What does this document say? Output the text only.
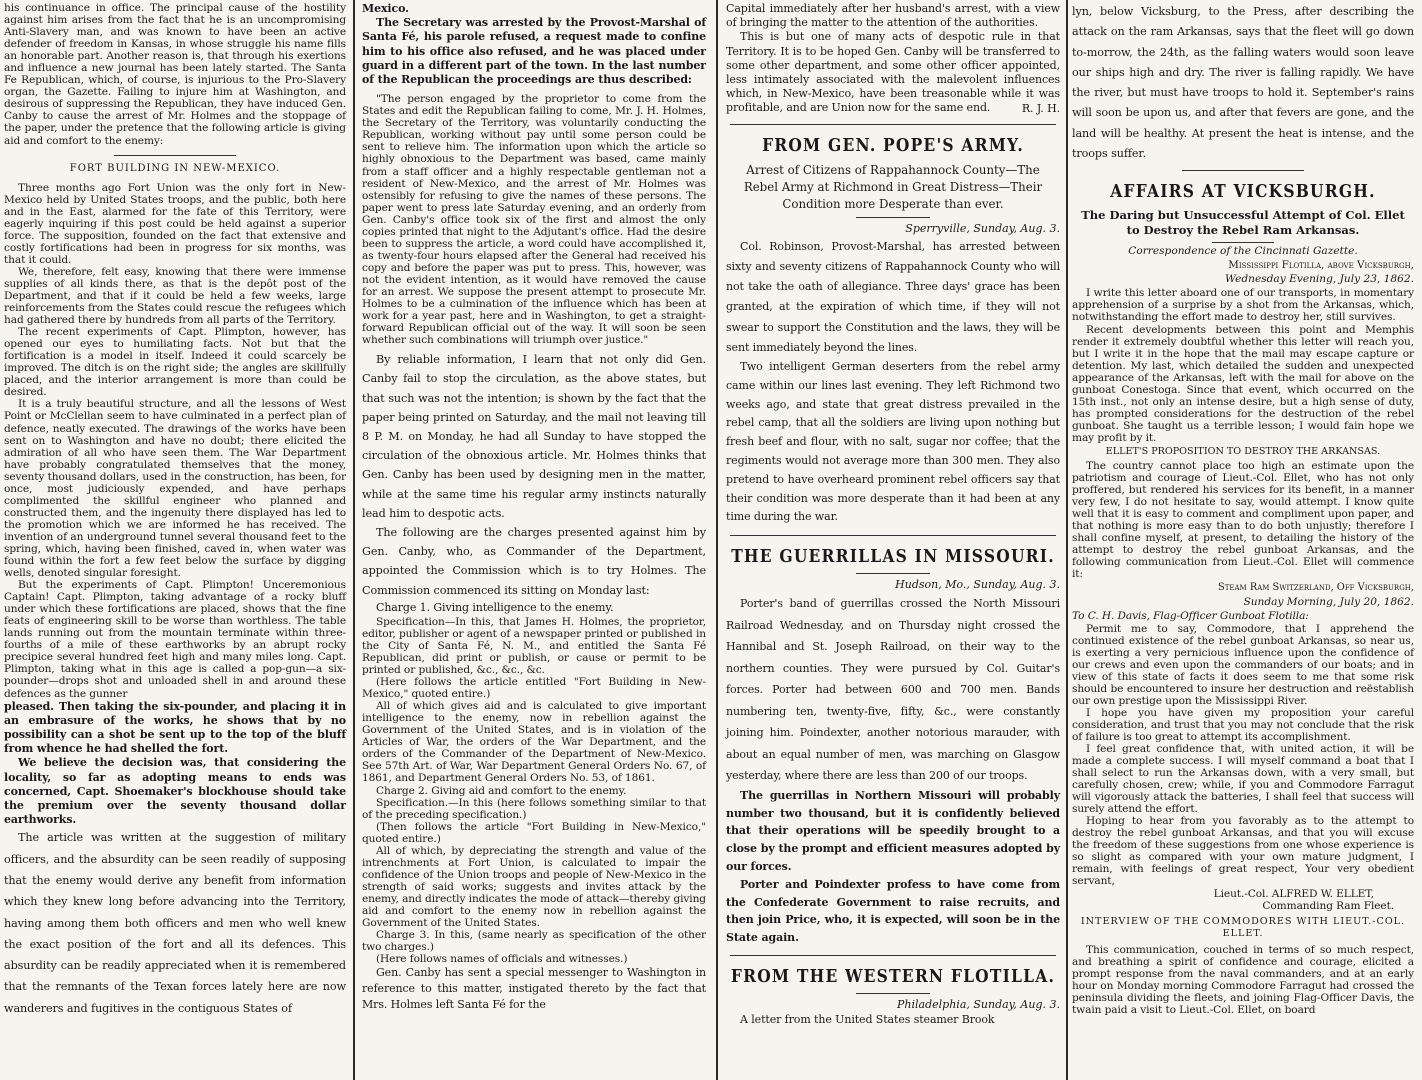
his continuance in office. The principal cause of the hostility against him arises from the fact that he is an uncompromising Anti-Slavery man, and was known to have been an active defender of freedom in Kansas, in whose struggle his name fills an honorable part. Another reason is, that through his exertions and influence a new journal has been lately started. The Santa Fe Republican, which, of course, is injurious to the Pro-Slavery organ, the Gazette. Failing to injure him at Washington, and desirous of suppressing the Republican, they have induced Gen. Canby to cause the arrest of Mr. Holmes and the stoppage of the paper, under the pretence that the following article is giving aid and comfort to the enemy:

FORT BUILDING IN NEW-MEXICO.

Three months ago Fort Union was the only fort in New-Mexico held by United States troops, and the public, both here and in the East, alarmed for the fate of this Territory, were eagerly inquiring if this post could be held against a superior force. The supposition, founded on the fact that extensive and costly fortifications had been in progress for six months, was that it could.

We, therefore, felt easy, knowing that there were immense supplies of all kinds there, as that is the depôt post of the Department, and that if it could be held a few weeks, large reinforcements from the States could rescue the refugees which had gathered there by hundreds from all parts of the Territory.

The recent experiments of Capt. Plimpton, however, has opened our eyes to humiliating facts. Not but that the fortification is a model in itself. Indeed it could scarcely be improved. The ditch is on the right side; the angles are skillfully placed, and the interior arrangement is more than could be desired.

It is a truly beautiful structure, and all the lessons of West Point or McClellan seem to have culminated in a perfect plan of defence, neatly executed. The drawings of the works have been sent on to Washington and have no doubt; there elicited the admiration of all who have seen them. The War Department have probably congratulated themselves that the money, seventy thousand dollars, used in the construction, has been, for once, most judiciously expended, and have perhaps complimented the skillful engineer who planned and constructed them, and the ingenuity there displayed has led to the promotion which we are informed he has received. The invention of an underground tunnel several thousand feet to the spring, which, having been finished, caved in, when water was found within the fort a few feet below the surface by digging wells, denoted singular foresight.

But the experiments of Capt. Plimpton! Unceremonious Captain! Capt. Plimpton, taking advantage of a rocky bluff under which these fortifications are placed, shows that the fine feats of engineering skill to be worse than worthless. The table lands running out from the mountain terminate within three-fourths of a mile of these earthworks by an abrupt rocky precipice several hundred feet high and many miles long. Capt. Plimpton, taking what in this age is called a pop-gun—a six-pounder—drops shot and unloaded shell in and around these defences as the gunner

pleased. Then taking the six-pounder, and placing it in an embrasure of the works, he shows that by no possibility can a shot be sent up to the top of the bluff from whence he had shelled the fort.

We believe the decision was, that considering the locality, so far as adopting means to ends was concerned, Capt. Shoemaker's blockhouse should take the premium over the seventy thousand dollar earthworks.

The article was written at the suggestion of military officers, and the absurdity can be seen readily of supposing that the enemy would derive any benefit from information which they knew long before advancing into the Territory, having among them both officers and men who well knew the exact position of the fort and all its defences. This absurdity can be readily appreciated when it is remembered that the remnants of the Texan forces lately here are now wanderers and fugitives in the contiguous States of

Mexico.

The Secretary was arrested by the Provost-Marshal of Santa Fé, his parole refused, a request made to confine him to his office also refused, and he was placed under guard in a different part of the town. In the last number of the Republican the proceedings are thus described:

"The person engaged by the proprietor to come from the States and edit the Republican failing to come, Mr. J. H. Holmes, the Secretary of the Territory, was voluntarily conducting the Republican, working without pay until some person could be sent to relieve him. The information upon which the article so highly obnoxious to the Department was based, came mainly from a staff officer and a highly respectable gentleman not a resident of New-Mexico, and the arrest of Mr. Holmes was ostensibly for refusing to give the names of these persons. The paper went to press late Saturday evening, and an orderly from Gen. Canby's office took six of the first and almost the only copies printed that night to the Adjutant's office. Had the desire been to suppress the article, a word could have accomplished it, as twenty-four hours elapsed after the General had received his copy and before the paper was put to press. This, however, was not the evident intention, as it would have removed the cause for an arrest. We suppose the present attempt to prosecute Mr. Holmes to be a culmination of the influence which has been at work for a year past, here and in Washington, to get a straight-forward Republican official out of the way. It will soon be seen whether such combinations will triumph over justice."

By reliable information, I learn that not only did Gen. Canby fail to stop the circulation, as the above states, but that such was not the intention; is shown by the fact that the paper being printed on Saturday, and the mail not leaving till 8 P. M. on Monday, he had all Sunday to have stopped the circulation of the obnoxious article. Mr. Holmes thinks that Gen. Canby has been used by designing men in the matter, while at the same time his regular army instincts naturally lead him to despotic acts.

The following are the charges presented against him by Gen. Canby, who, as Commander of the Department, appointed the Commission which is to try Holmes. The Commission commenced its sitting on Monday last:

Charge 1. Giving intelligence to the enemy.

Specification—In this, that James H. Holmes, the proprietor, editor, publisher or agent of a newspaper printed or published in the City of Santa Fé, N. M., and entitled the Santa Fé Republican, did print or publish, or cause or permit to be printed or published, &c., &c., &c.

(Here follows the article entitled "Fort Building in New-Mexico," quoted entire.)

All of which gives aid and is calculated to give important intelligence to the enemy, now in rebellion against the Government of the United States, and is in violation of the Articles of War, the orders of the War Department, and the orders of the Commander of the Department of New-Mexico. See 57th Art. of War, War Department General Orders No. 67, of 1861, and Department General Orders No. 53, of 1861.

Charge 2. Giving aid and comfort to the enemy.

Specification.—In this (here follows something similar to that of the preceding specification.)

(Then follows the article "Fort Building in New-Mexico," quoted entire.)

All of which, by depreciating the strength and value of the intrenchments at Fort Union, is calculated to impair the confidence of the Union troops and people of New-Mexico in the strength of said works; suggests and invites attack by the enemy, and directly indicates the mode of attack—thereby giving aid and comfort to the enemy now in rebellion against the Government of the United States.

Charge 3. In this, (same nearly as specification of the other two charges.)

(Here follows names of officials and witnesses.)

Gen. Canby has sent a special messenger to Washington in reference to this matter, instigated thereto by the fact that Mrs. Holmes left Santa Fé for the

Capital immediately after her husband's arrest, with a view of bringing the matter to the attention of the authorities.

This is but one of many acts of despotic rule in that Territory. It is to be hoped Gen. Canby will be transferred to some other department, and some other officer appointed, less intimately associated with the malevolent influences which, in New-Mexico, have been treasonable while it was profitable, and are Union now for the same end.	R. J. H.

FROM GEN. POPE'S ARMY.
Arrest of Citizens of Rappahannock County—The Rebel Army at Richmond in Great Distress—Their Condition more Desperate than ever.
Sperryville, Sunday, Aug. 3.

Col. Robinson, Provost-Marshal, has arrested between sixty and seventy citizens of Rappahannock County who will not take the oath of allegiance. Three days' grace has been granted, at the expiration of which time, if they will not swear to support the Constitution and the laws, they will be sent immediately beyond the lines.

Two intelligent German deserters from the rebel army came within our lines last evening. They left Richmond two weeks ago, and state that great distress prevailed in the rebel camp, that all the soldiers are living upon nothing but fresh beef and flour, with no salt, sugar nor coffee; that the regiments would not average more than 300 men. They also pretend to have overheard prominent rebel officers say that their condition was more desperate than it had been at any time during the war.

THE GUERRILLAS IN MISSOURI.
Hudson, Mo., Sunday, Aug. 3.

Porter's band of guerrillas crossed the North Missouri Railroad Wednesday, and on Thursday night crossed the Hannibal and St. Joseph Railroad, on their way to the northern counties. They were pursued by Col. Guitar's forces. Porter had between 600 and 700 men. Bands numbering ten, twenty-five, fifty, &c., were constantly joining him. Poindexter, another notorious marauder, with about an equal number of men, was marching on Glasgow yesterday, where there are less than 200 of our troops.

The guerrillas in Northern Missouri will probably number two thousand, but it is confidently believed that their operations will be speedily brought to a close by the prompt and efficient measures adopted by our forces.

Porter and Poindexter profess to have come from the Confederate Government to raise recruits, and then join Price, who, it is expected, will soon be in the State again.

FROM THE WESTERN FLOTILLA.
Philadelphia, Sunday, Aug. 3.

A letter from the United States steamer Brook

lyn, below Vicksburg, to the Press, after describing the attack on the ram Arkansas, says that the fleet will go down to-morrow, the 24th, as the falling waters would soon leave our ships high and dry. The river is falling rapidly. We have the river, but must have troops to hold it. September's rains will soon be upon us, and after that fevers are gone, and the land will be healthy. At present the heat is intense, and the troops suffer.

AFFAIRS AT VICKSBURGH.
The Daring but Unsuccessful Attempt of Col. Ellet to Destroy the Rebel Ram Arkansas.
Correspondence of the Cincinnati Gazette.
Mississippi Flotilla, above Vicksburgh,
Wednesday Evening, July 23, 1862.

I write this letter aboard one of our transports, in momentary apprehension of a surprise by a shot from the Arkansas, which, notwithstanding the effort made to destroy her, still survives.

Recent developments between this point and Memphis render it extremely doubtful whether this letter will reach you, but I write it in the hope that the mail may escape capture or detention. My last, which detailed the sudden and unexpected appearance of the Arkansas, left with the mail for above on the gunboat Conestoga. Since that event, which occurred on the 15th inst., not only an intense desire, but a high sense of duty, has prompted considerations for the destruction of the rebel gunboat. She taught us a terrible lesson; I would fain hope we may profit by it.

ELLET'S PROPOSITION TO DESTROY THE ARKANSAS.

The country cannot place too high an estimate upon the patriotism and courage of Lieut.-Col. Ellet, who has not only proffered, but rendered his services for its benefit, in a manner very few, I do not hesitate to say, would attempt. I know quite well that it is easy to comment and compliment upon paper, and that nothing is more easy than to do both unjustly; therefore I shall confine myself, at present, to detailing the history of the attempt to destroy the rebel gunboat Arkansas, and the following communication from Lieut.-Col. Ellet will commence it:

Steam Ram Switzerland, Off Vicksburgh,
Sunday Morning, July 20, 1862.

To C. H. Davis, Flag-Officer Gunboat Flotilla:

Permit me to say, Commodore, that I apprehend the continued existence of the rebel gunboat Arkansas, so near us, is exerting a very pernicious influence upon the confidence of our crews and even upon the commanders of our boats; and in view of this state of facts it does seem to me that some risk should be encountered to insure her destruction and reëstablish our own prestige upon the Mississippi River.

I hope you have given my proposition your careful consideration, and trust that you may not conclude that the risk of failure is too great to attempt its accomplishment.

I feel great confidence that, with united action, it will be made a complete success. I will myself command a boat that I shall select to run the Arkansas down, with a very small, but carefully chosen, crew; while, if you and Commodore Farragut will vigorously attack the batteries, I shall feel that success will surely attend the effort.

Hoping to hear from you favorably as to the attempt to destroy the rebel gunboat Arkansas, and that you will excuse the freedom of these suggestions from one whose experience is so slight as compared with your own mature judgment, I remain, with feelings of great respect, Your very obedient servant,

Lieut.-Col. ALFRED W. ELLET,

Commanding Ram Fleet.

INTERVIEW OF THE COMMODORES WITH LIEUT.-COL. ELLET.

This communication, couched in terms of so much respect, and breathing a spirit of confidence and courage, elicited a prompt response from the naval commanders, and at an early hour on Monday morning Commodore Farragut had crossed the peninsula dividing the fleets, and joining Flag-Officer Davis, the twain paid a visit to Lieut.-Col. Ellet, on board
